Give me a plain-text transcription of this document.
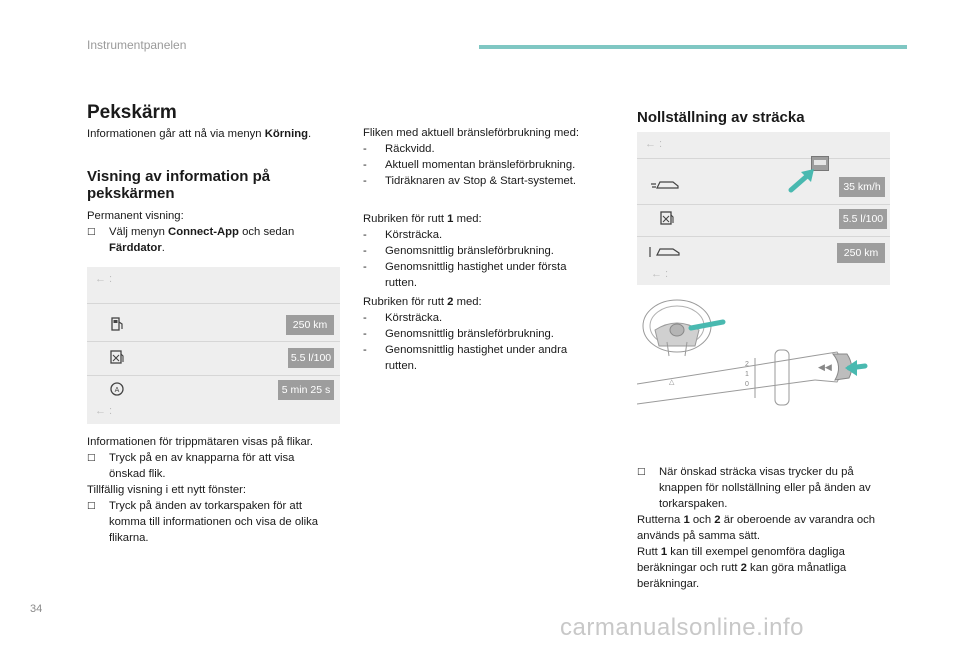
Instrumentpanelen
Pekskärm
Informationen går att nå via menyn Körning.
Visning av information på
pekskärmen
Permanent visning:
□ Välj menyn Connect-App och sedan
Färddator.
← :
250 km
5.5 l/100
A	5 min 25 s
← :
Informationen för trippmätaren visas på flikar.
□ Tryck på en av knapparna för att visa
önskad flik.
Tillfällig visning i ett nytt fönster:
□ Tryck på änden av torkarspaken för att
komma till informationen och visa de olika
flikarna.
Fliken med aktuell bränsleförbrukning med:
- Räckvidd.
- Aktuell momentan bränsleförbrukning.
- Tidräknaren av Stop & Start-systemet.
Rubriken för rutt 1 med:
- Körsträcka.
- Genomsnittlig bränsleförbrukning.
- Genomsnittlig hastighet under första
rutten.
Rubriken för rutt 2 med:
- Körsträcka.
- Genomsnittlig bränsleförbrukning.
- Genomsnittlig hastighet under andra
rutten.
Nollställning av sträcka
← :
35 km/h
5.5 l/100
250 km
← :
△
2
1
0
◀◀
□ När önskad sträcka visas trycker du på
knappen för nollställning eller på änden av
torkarspaken.
Rutterna 1 och 2 är oberoende av varandra och
används på samma sätt.
Rutt 1 kan till exempel genomföra dagliga
beräkningar och rutt 2 kan göra månatliga
beräkningar.
34
carmanualsonline.info
